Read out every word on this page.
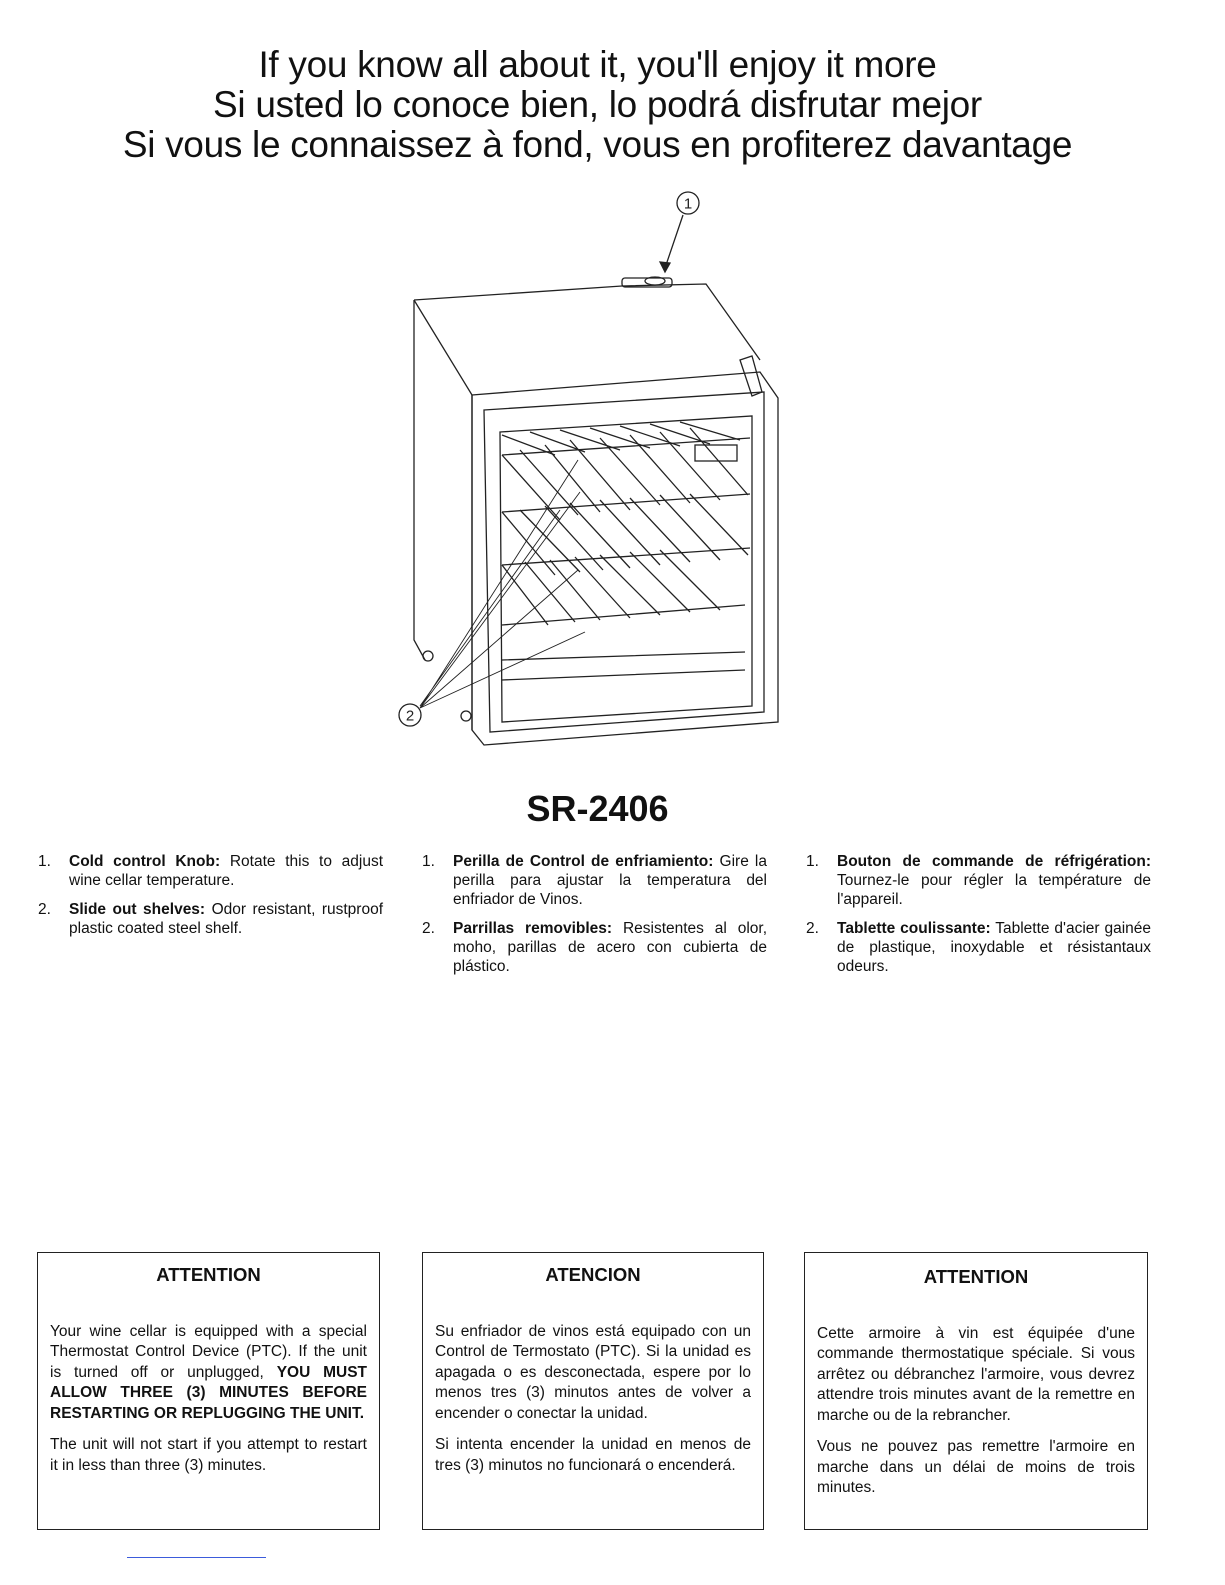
If you know all about it, you'll enjoy it more
Si usted lo conoce bien, lo podrá disfrutar mejor
Si vous le connaissez à fond, vous en profiterez davantage
1
2
SR-2406
1. Cold control Knob: Rotate this to adjust wine cellar temperature.
2. Slide out shelves: Odor resistant, rustproof plastic coated steel shelf.
1. Perilla de Control de enfriamiento: Gire la perilla para ajustar la temperatura del enfriador de Vinos.
2. Parrillas removibles: Resistentes al olor, moho, parillas de acero con cubierta de plástico.
1. Bouton de commande de réfrigération: Tournez-le pour régler la température de l'appareil.
2. Tablette coulissante: Tablette d'acier gainée de plastique, inoxydable et résistantaux odeurs.
ATTENTION

Your wine cellar is equipped with a special Thermostat Control Device (PTC). If the unit is turned off or unplugged, YOU MUST ALLOW THREE (3) MINUTES BEFORE RESTARTING OR REPLUGGING THE UNIT.

The unit will not start if you attempt to restart it in less than three (3) minutes.

ATENCION

Su enfriador de vinos está equipado con un Control de Termostato (PTC). Si la unidad es apagada o es desconectada, espere por lo menos tres (3) minutos antes de volver a encender o conectar la unidad.

Si intenta encender la unidad en menos de tres (3) minutos no funcionará o encenderá.

ATTENTION

Cette armoire à vin est équipée d'une commande thermostatique spéciale. Si vous arrêtez ou débranchez l'armoire, vous devrez attendre trois minutes avant de la remettre en marche ou de la rebrancher.

Vous ne pouvez pas remettre l'armoire en marche dans un délai de moins de trois minutes.
